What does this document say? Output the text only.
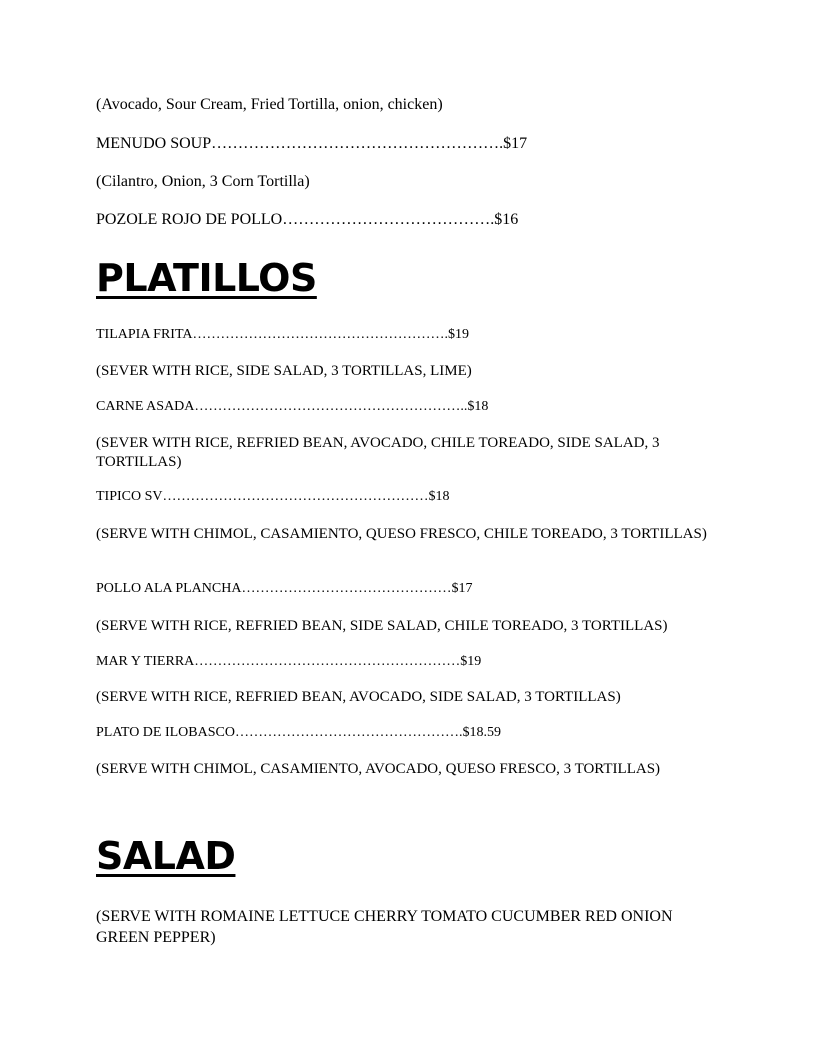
(Avocado, Sour Cream, Fried Tortilla, onion, chicken)
MENUDO SOUP……………………………………………….$17
(Cilantro, Onion, 3 Corn Tortilla)
POZOLE ROJO DE POLLO………………………………….$16
PLATILLOS
TILAPIA FRITA……………………………………………….$19
(SEVER WITH RICE, SIDE SALAD, 3 TORTILLAS, LIME)
CARNE ASADA…………………………………………………..$18
(SEVER WITH RICE, REFRIED BEAN, AVOCADO, CHILE TOREADO, SIDE SALAD, 3 TORTILLAS)
TIPICO SV…………………………………………………$18
(SERVE WITH CHIMOL, CASAMIENTO, QUESO FRESCO, CHILE TOREADO, 3 TORTILLAS)
POLLO ALA PLANCHA………………………………………$17
(SERVE WITH RICE, REFRIED BEAN, SIDE SALAD, CHILE TOREADO, 3 TORTILLAS)
MAR Y TIERRA…………………………………………………$19
(SERVE WITH RICE, REFRIED BEAN, AVOCADO, SIDE SALAD, 3 TORTILLAS)
PLATO DE ILOBASCO………………………………………….$18.59
(SERVE WITH CHIMOL, CASAMIENTO, AVOCADO, QUESO FRESCO, 3 TORTILLAS)
SALAD
(SERVE WITH ROMAINE LETTUCE CHERRY TOMATO CUCUMBER RED ONION GREEN PEPPER)
